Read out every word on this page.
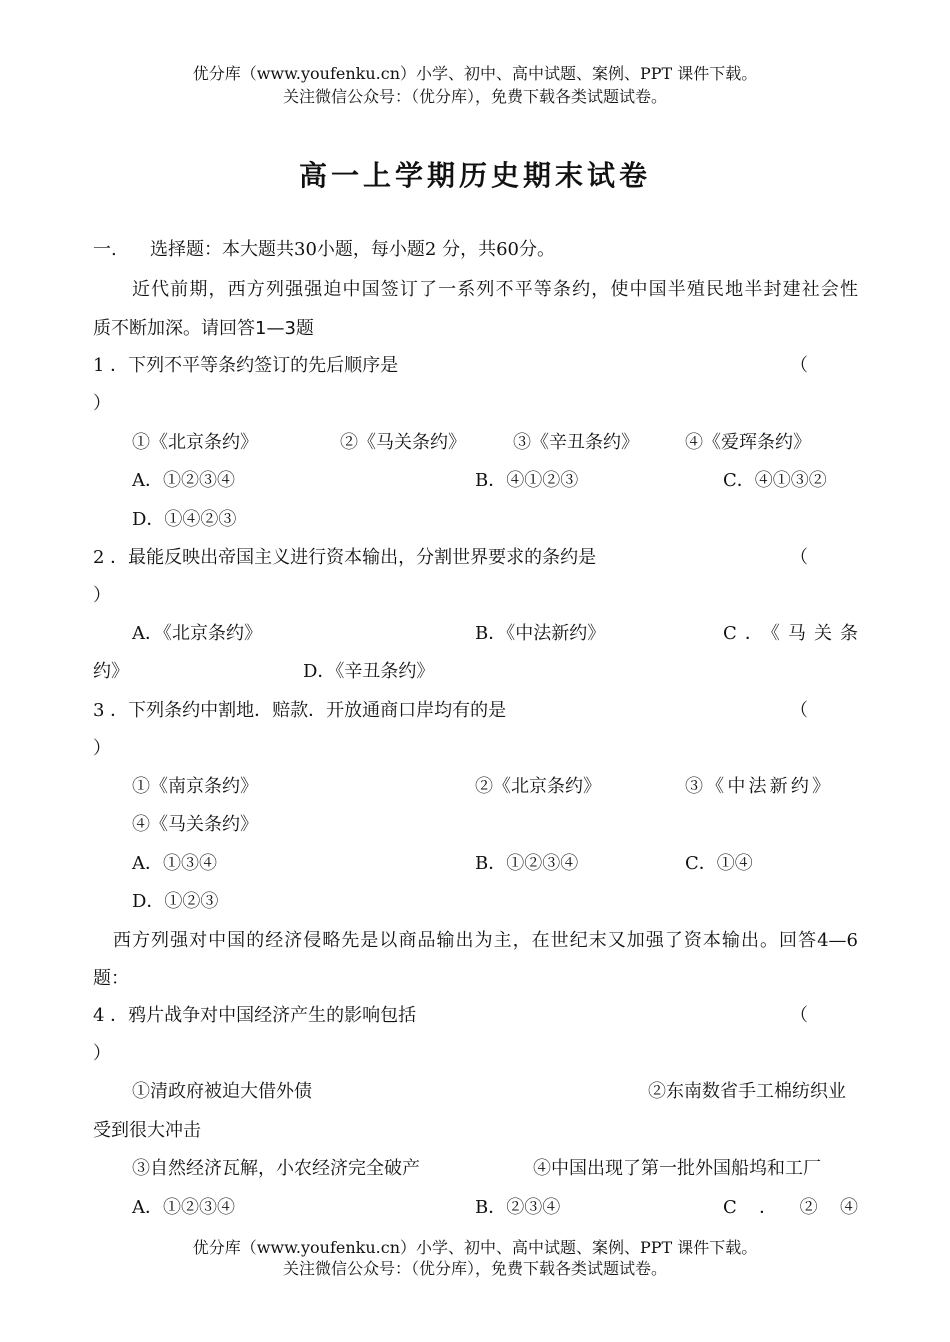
优分库（www.youfenku.cn）小学、初中、高中试题、案例、PPT 课件下载。
关注微信公众号：（优分库），免费下载各类试题试卷。
高一上学期历史期末试卷
一. 选择题：本大题共30小题，每小题2 分，共60分。
近代前期，西方列强强迫中国签订了一系列不平等条约，使中国半殖民地半封建社会性
质不断加深。请回答1—3题
1 ．下列不平等条约签订的先后顺序是	（
）
①《北京条约》	②《马关条约》	③《辛丑条约》	④《爱珲条约》
A．①②③④	B．④①②③	C．④①③②
D．①④②③
2 ．最能反映出帝国主义进行资本输出，分割世界要求的条约是	（
）
A．《北京条约》	B．《中法新约》	C．《马关条
约》	D．《辛丑条约》
3 ．下列条约中割地．赔款．开放通商口岸均有的是	（
）
①《南京条约》	②《北京条约》	③《中法新约》
④《马关条约》
A．①③④	B．①②③④	C．①④
D．①②③
西方列强对中国的经济侵略先是以商品输出为主，在世纪末又加强了资本输出。回答4—6
题：
4 ．鸦片战争对中国经济产生的影响包括	（
）
①清政府被迫大借外债	②东南数省手工棉纺织业
受到很大冲击
③自然经济瓦解，小农经济完全破产	④中国出现了第一批外国船坞和工厂
A．①②③④	B．②③④	C．②④
优分库（www.youfenku.cn）小学、初中、高中试题、案例、PPT 课件下载。
关注微信公众号：（优分库），免费下载各类试题试卷。
